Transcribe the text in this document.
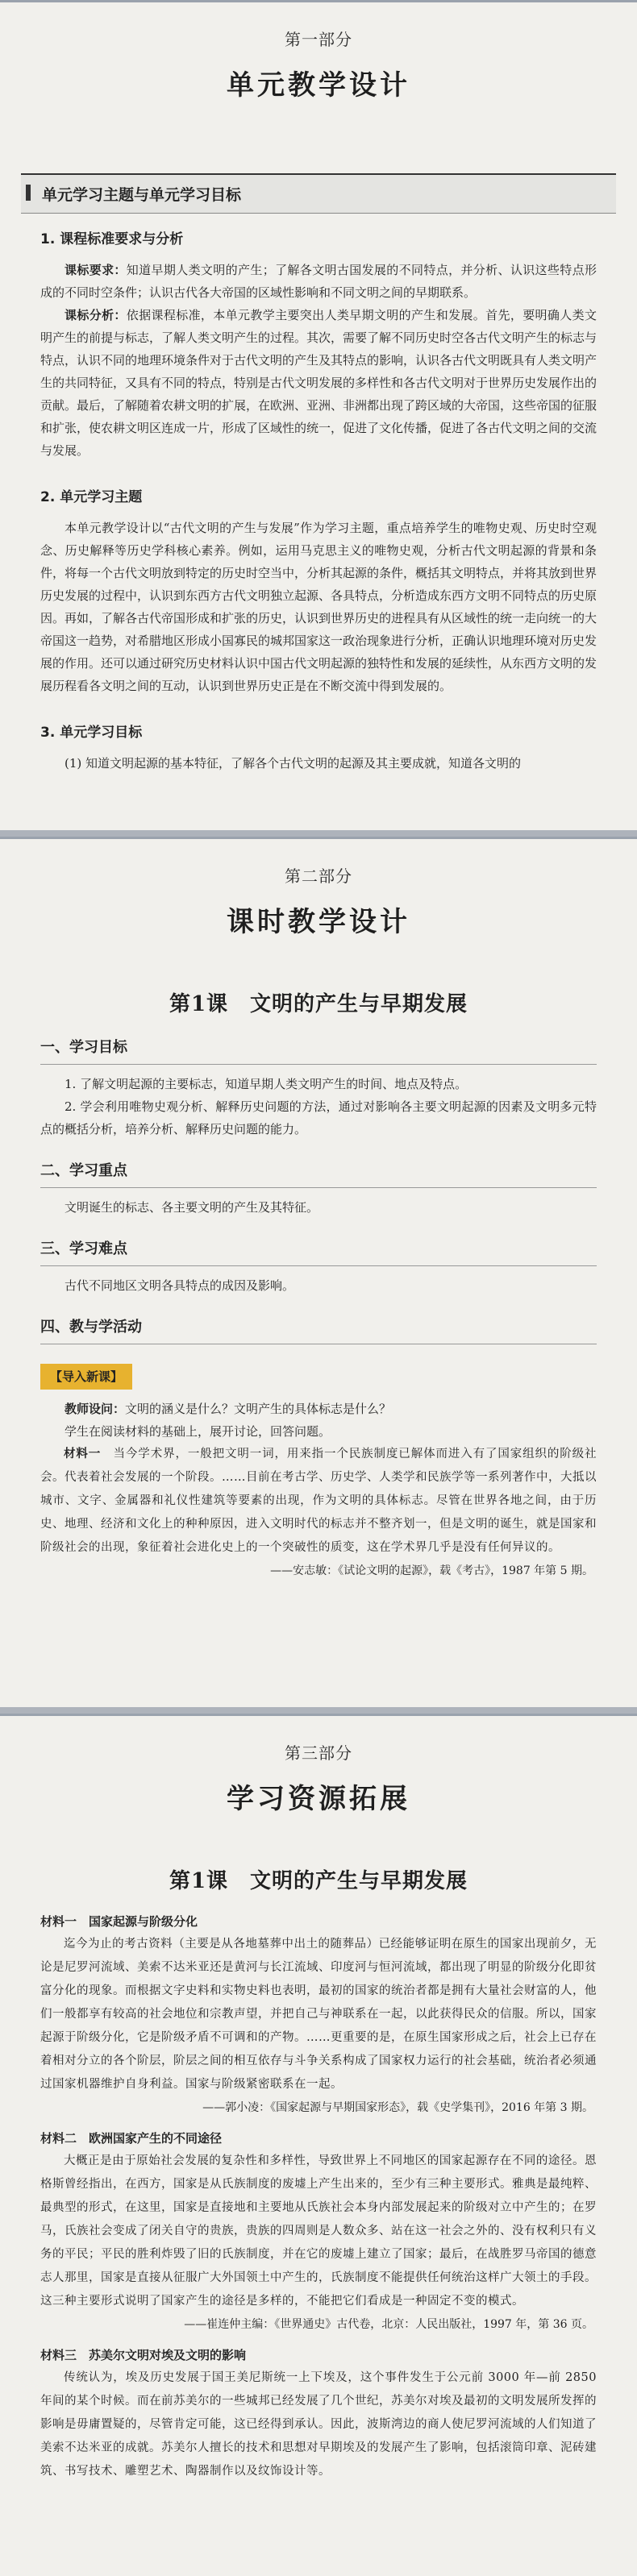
第一部分
单元教学设计
单元学习主题与单元学习目标
1. 课程标准要求与分析
课标要求：知道早期人类文明的产生；了解各文明古国发展的不同特点，并分析、认识这些特点形成的不同时空条件；认识古代各大帝国的区域性影响和不同文明之间的早期联系。
课标分析：依据课程标准，本单元教学主要突出人类早期文明的产生和发展。首先，要明确人类文明产生的前提与标志，了解人类文明产生的过程。其次，需要了解不同历史时空各古代文明产生的标志与特点，认识不同的地理环境条件对于古代文明的产生及其特点的影响，认识各古代文明既具有人类文明产生的共同特征，又具有不同的特点，特别是古代文明发展的多样性和各古代文明对于世界历史发展作出的贡献。最后，了解随着农耕文明的扩展，在欧洲、亚洲、非洲都出现了跨区域的大帝国，这些帝国的征服和扩张，使农耕文明区连成一片，形成了区域性的统一，促进了文化传播，促进了各古代文明之间的交流与发展。
2. 单元学习主题
本单元教学设计以“古代文明的产生与发展”作为学习主题，重点培养学生的唯物史观、历史时空观念、历史解释等历史学科核心素养。例如，运用马克思主义的唯物史观，分析古代文明起源的背景和条件，将每一个古代文明放到特定的历史时空当中，分析其起源的条件，概括其文明特点，并将其放到世界历史发展的过程中，认识到东西方古代文明独立起源、各具特点，分析造成东西方文明不同特点的历史原因。再如，了解各古代帝国形成和扩张的历史，认识到世界历史的进程具有从区域性的统一走向统一的大帝国这一趋势，对希腊地区形成小国寡民的城邦国家这一政治现象进行分析，正确认识地理环境对历史发展的作用。还可以通过研究历史材料认识中国古代文明起源的独特性和发展的延续性，从东西方文明的发展历程看各文明之间的互动，认识到世界历史正是在不断交流中得到发展的。
3. 单元学习目标
(1) 知道文明起源的基本特征，了解各个古代文明的起源及其主要成就，知道各文明的
第二部分
课时教学设计
第1课　文明的产生与早期发展
一、学习目标
1. 了解文明起源的主要标志，知道早期人类文明产生的时间、地点及特点。
2. 学会利用唯物史观分析、解释历史问题的方法，通过对影响各主要文明起源的因素及文明多元特点的概括分析，培养分析、解释历史问题的能力。
二、学习重点
文明诞生的标志、各主要文明的产生及其特征。
三、学习难点
古代不同地区文明各具特点的成因及影响。
四、教与学活动
【导入新课】
教师设问：文明的涵义是什么？文明产生的具体标志是什么？
学生在阅读材料的基础上，展开讨论，回答问题。
材料一　 当今学术界，一般把文明一词，用来指一个民族制度已解体而进入有了国家组织的阶级社会。代表着社会发展的一个阶段。……目前在考古学、历史学、人类学和民族学等一系列著作中，大抵以城市、文字、金属器和礼仪性建筑等要素的出现，作为文明的具体标志。尽管在世界各地之间，由于历史、地理、经济和文化上的种种原因，进入文明时代的标志并不整齐划一，但是文明的诞生，就是国家和阶级社会的出现，象征着社会进化史上的一个突破性的质变，这在学术界几乎是没有任何异议的。
——安志敏：《试论文明的起源》，载《考古》，1987 年第 5 期。
第三部分
学习资源拓展
第1课　文明的产生与早期发展
材料一　国家起源与阶级分化
迄今为止的考古资料（主要是从各地墓葬中出土的随葬品）已经能够证明在原生的国家出现前夕，无论是尼罗河流域、美索不达米亚还是黄河与长江流域、印度河与恒河流域，都出现了明显的阶级分化即贫富分化的现象。而根据文字史料和实物史料也表明，最初的国家的统治者都是拥有大量社会财富的人，他们一般都享有较高的社会地位和宗教声望，并把自己与神联系在一起，以此获得民众的信服。所以，国家起源于阶级分化，它是阶级矛盾不可调和的产物。……更重要的是，在原生国家形成之后，社会上已存在着相对分立的各个阶层，阶层之间的相互依存与斗争关系构成了国家权力运行的社会基础，统治者必须通过国家机器维护自身利益。国家与阶级紧密联系在一起。
——郭小凌：《国家起源与早期国家形态》，载《史学集刊》，2016 年第 3 期。
材料二　欧洲国家产生的不同途径
大概正是由于原始社会发展的复杂性和多样性，导致世界上不同地区的国家起源存在不同的途径。恩格斯曾经指出，在西方，国家是从氏族制度的废墟上产生出来的，至少有三种主要形式。雅典是最纯粹、最典型的形式，在这里，国家是直接地和主要地从氏族社会本身内部发展起来的阶级对立中产生的；在罗马，氏族社会变成了闭关自守的贵族，贵族的四周则是人数众多、站在这一社会之外的、没有权利只有义务的平民；平民的胜利炸毁了旧的氏族制度，并在它的废墟上建立了国家；最后，在战胜罗马帝国的德意志人那里，国家是直接从征服广大外国领土中产生的，氏族制度不能提供任何统治这样广大领土的手段。这三种主要形式说明了国家产生的途径是多样的，不能把它们看成是一种固定不变的模式。
——崔连仲主编：《世界通史》古代卷，北京：人民出版社，1997 年，第 36 页。
材料三　苏美尔文明对埃及文明的影响
传统认为，埃及历史发展于国王美尼斯统一上下埃及，这个事件发生于公元前 3000 年—前 2850 年间的某个时候。而在前苏美尔的一些城邦已经发展了几个世纪，苏美尔对埃及最初的文明发展所发挥的影响是毋庸置疑的，尽管肯定可能，这已经得到承认。因此，波斯湾边的商人使尼罗河流域的人们知道了美索不达米亚的成就。苏美尔人擅长的技术和思想对早期埃及的发展产生了影响，包括滚筒印章、泥砖建筑、书写技术、雕塑艺术、陶器制作以及纹饰设计等。
